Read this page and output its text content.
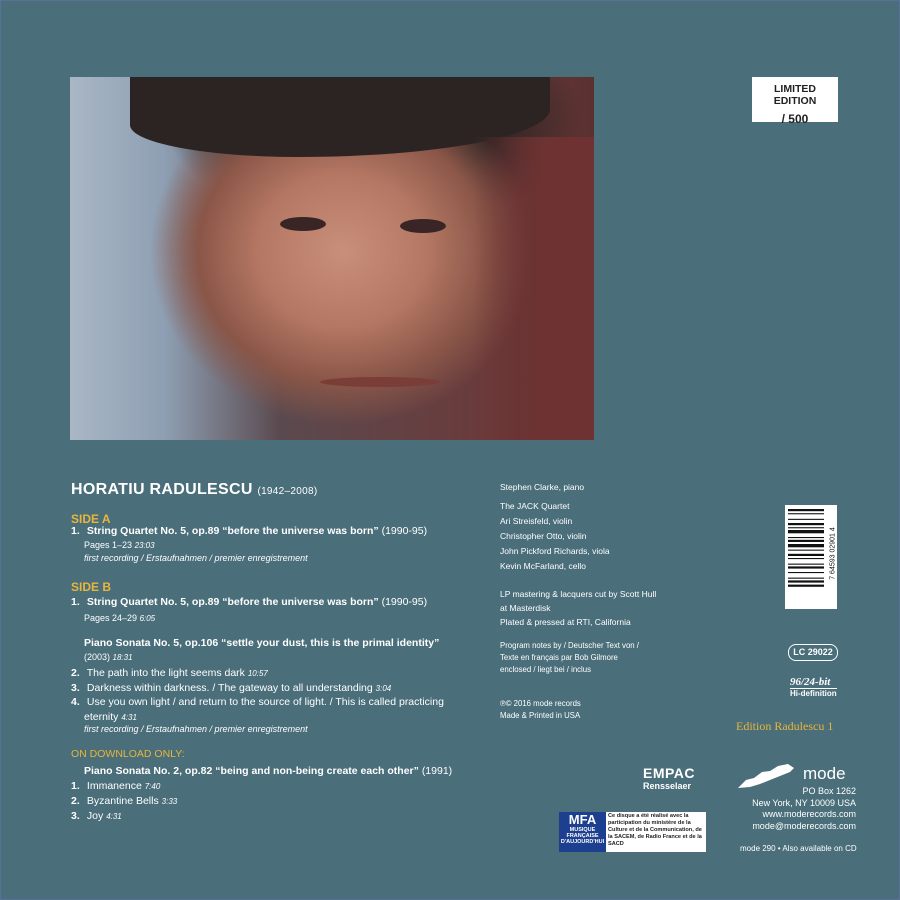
LIMITED EDITION
/ 500
HORATIU RADULESCU (1942–2008)
SIDE A
1. String Quartet No. 5, op.89 “before the universe was born” (1990-95)
Pages 1–23 23:03
first recording / Erstaufnahmen / premier enregistrement
SIDE B
1. String Quartet No. 5, op.89 “before the universe was born” (1990-95)
Pages 24–29 6:05
Piano Sonata No. 5, op.106 “settle your dust, this is the primal identity”
(2003) 18:31
2. The path into the light seems dark 10:57
3. Darkness within darkness. / The gateway to all understanding 3:04
4. Use you own light / and return to the source of light. / This is called practicing
eternity 4:31
first recording / Erstaufnahmen / premier enregistrement
ON DOWNLOAD ONLY:
Piano Sonata No. 2, op.82 “being and non-being create each other” (1991)
1. Immanence 7:40
2. Byzantine Bells 3:33
3. Joy 4:31
Stephen Clarke, piano
The JACK Quartet
Ari Streisfeld, violin
Christopher Otto, violin
John Pickford Richards, viola
Kevin McFarland, cello
LP mastering & lacquers cut by Scott Hull
at Masterdisk
Plated & pressed at RTI, California
Program notes by / Deutscher Text von /
Texte en français par Bob Gilmore
enclosed / liegt bei / inclus
℗© 2016 mode records
Made & Printed in USA
7 64593 02901 4
LC 29022
96/24-bit
Hi-definition
Edition Radulescu 1
EMPAC
Rensselaer
mode
PO Box 1262
New York, NY 10009 USA
www.moderecords.com
mode@moderecords.com
MFA
MUSIQUE FRANÇAISE D'AUJOURD'HUI
Ce disque a été réalisé avec la participation du ministère de la Culture et de la Communication, de la SACEM, de Radio France et de la SACD	mode 290 • Also available on CD
